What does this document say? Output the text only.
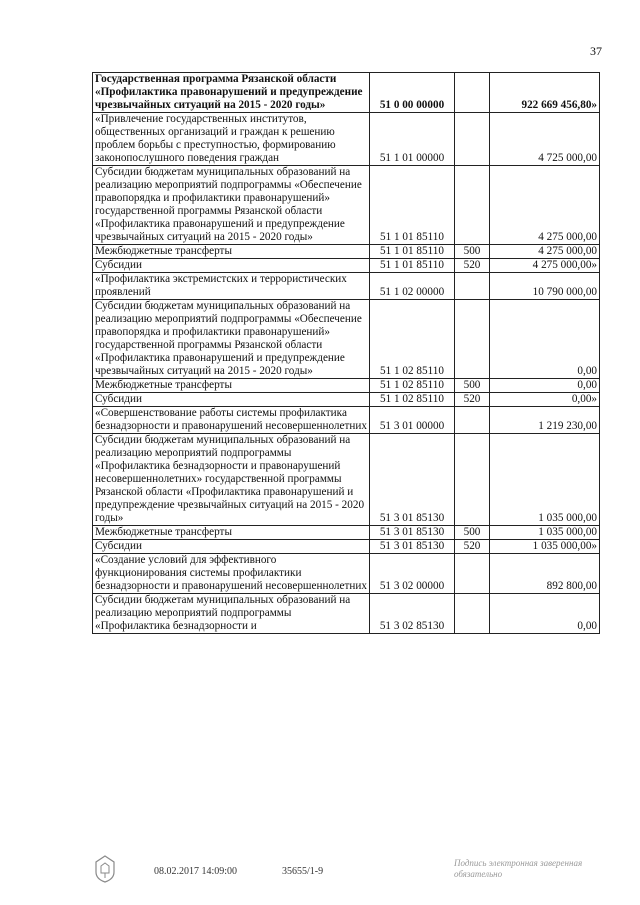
37
Государственная программа Рязанской области «Профилактика правонарушений и предупреждение чрезвычайных ситуаций на 2015 - 2020 годы»	51 0 00 00000		922 669 456,80»
«Привлечение государственных институтов, общественных организаций и граждан к решению проблем борьбы с преступностью, формированию законопослушного поведения граждан	51 1 01 00000		4 725 000,00
Субсидии бюджетам муниципальных образований на реализацию мероприятий подпрограммы «Обеспечение правопорядка и профилактики правонарушений» государственной программы Рязанской области «Профилактика правонарушений и предупреждение чрезвычайных ситуаций на 2015 - 2020 годы»	51 1 01 85110		4 275 000,00
Межбюджетные трансферты	51 1 01 85110	500	4 275 000,00
Субсидии	51 1 01 85110	520	4 275 000,00»
«Профилактика экстремистских и террористических проявлений	51 1 02 00000		10 790 000,00
Субсидии бюджетам муниципальных образований на реализацию мероприятий подпрограммы «Обеспечение правопорядка и профилактики правонарушений» государственной программы Рязанской области «Профилактика правонарушений и предупреждение чрезвычайных ситуаций на 2015 - 2020 годы»	51 1 02 85110		0,00
Межбюджетные трансферты	51 1 02 85110	500	0,00
Субсидии	51 1 02 85110	520	0,00»
«Совершенствование работы системы профилактика безнадзорности и правонарушений несовершеннолетних	51 3 01 00000		1 219 230,00
Субсидии бюджетам муниципальных образований на реализацию мероприятий подпрограммы «Профилактика безнадзорности и правонарушений несовершеннолетних» государственной программы Рязанской области «Профилактика правонарушений и предупреждение чрезвычайных ситуаций на 2015 - 2020 годы»	51 3 01 85130		1 035 000,00
Межбюджетные трансферты	51 3 01 85130	500	1 035 000,00
Субсидии	51 3 01 85130	520	1 035 000,00»
«Создание условий для эффективного функционирования системы профилактики безнадзорности и правонарушений несовершеннолетних	51 3 02 00000		892 800,00
Субсидии бюджетам муниципальных образований на реализацию мероприятий подпрограммы «Профилактика безнадзорности и	51 3 02 85130		0,00
08.02.2017 14:09:00	35655/1-9
Подпись электронная заверенная обязательно
